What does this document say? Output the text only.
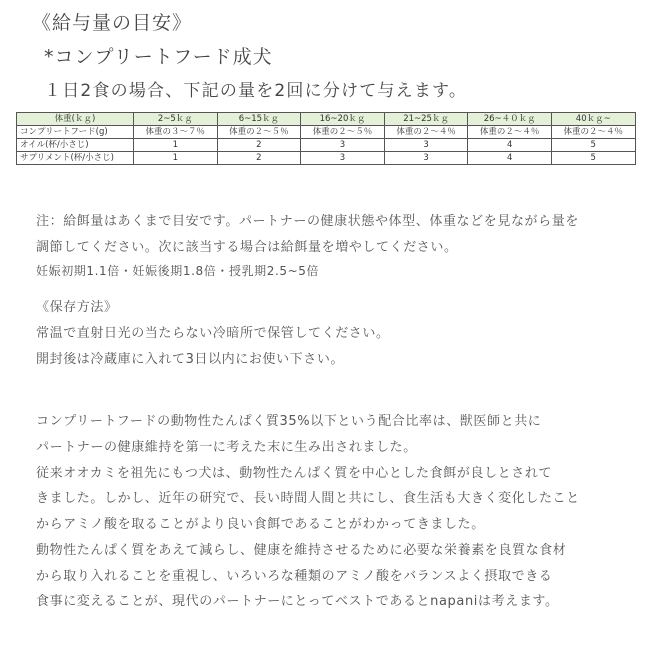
《給与量の目安》
*コンプリートフード成犬
１日2食の場合、下記の量を2回に分けて与えます。
体重(ｋｇ)	2~5ｋｇ	6~15ｋｇ	16~20ｋｇ	21~25ｋｇ	26~４０ｋｇ	40ｋｇ~
コンプリートフード(g)	体重の３～７％	体重の２～５％	体重の２～５％	体重の２～４％	体重の２～４％	体重の２～４％
オイル(杯/小さじ)	1	2	3	3	4	5
サプリメント(杯/小さじ)	1	2	3	3	4	5
注：給餌量はあくまで目安です。パートナーの健康状態や体型、体重などを見ながら量を
調節してください。次に該当する場合は給餌量を増やしてください。
妊娠初期1.1倍・妊娠後期1.8倍・授乳期2.5~5倍
《保存方法》
常温で直射日光の当たらない冷暗所で保管してください。
開封後は冷蔵庫に入れて3日以内にお使い下さい。
コンプリートフードの動物性たんぱく質35%以下という配合比率は、獣医師と共に
パートナーの健康維持を第一に考えた末に生み出されました。
従来オオカミを祖先にもつ犬は、動物性たんぱく質を中心とした食餌が良しとされて
きました。しかし、近年の研究で、長い時間人間と共にし、食生活も大きく変化したこと
からアミノ酸を取ることがより良い食餌であることがわかってきました。
動物性たんぱく質をあえて減らし、健康を維持させるために必要な栄養素を良質な食材
から取り入れることを重視し、いろいろな種類のアミノ酸をバランスよく摂取できる
食事に変えることが、現代のパートナーにとってベストであるとnapaniは考えます。
